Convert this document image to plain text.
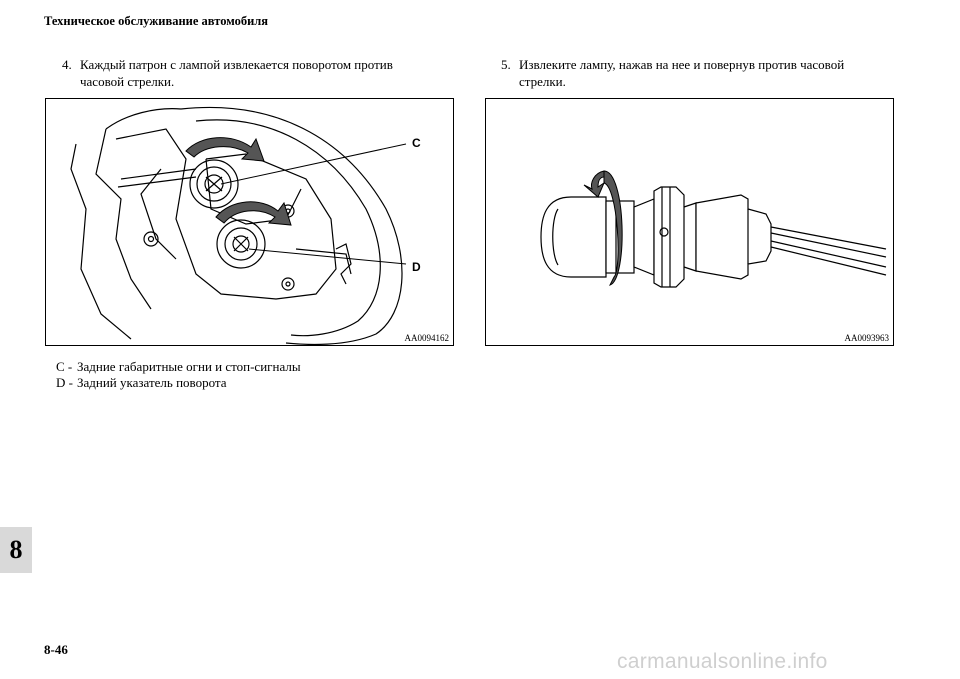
Техническое обслуживание автомобиля
4. Каждый патрон с лампой извлекается поворотом против
часовой стрелки.
5. Извлеките лампу, нажав на нее и повернув против часовой
стрелки.
C
D
AA0094162	AA0093963
C - Задние габаритные огни и стоп-сигналы
D - Задний указатель поворота
8
8-46
carmanualsonline.info
